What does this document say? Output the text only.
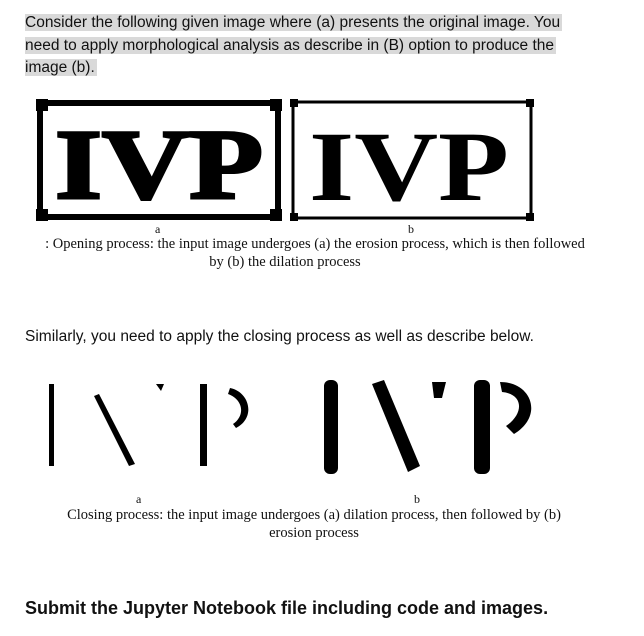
Consider the following given image where (a) presents the original image. You
need to apply morphological analysis as describe in (B) option to produce the
image (b).
IVP IVP
a	b
: Opening process: the input image undergoes (a) the erosion process, which is then followed
by (b) the dilation process
Similarly, you need to apply the closing process as well as describe below.
a	b
Closing process: the input image undergoes (a) dilation process, then followed by (b)
erosion process
Submit the Jupyter Notebook file including code and images.
